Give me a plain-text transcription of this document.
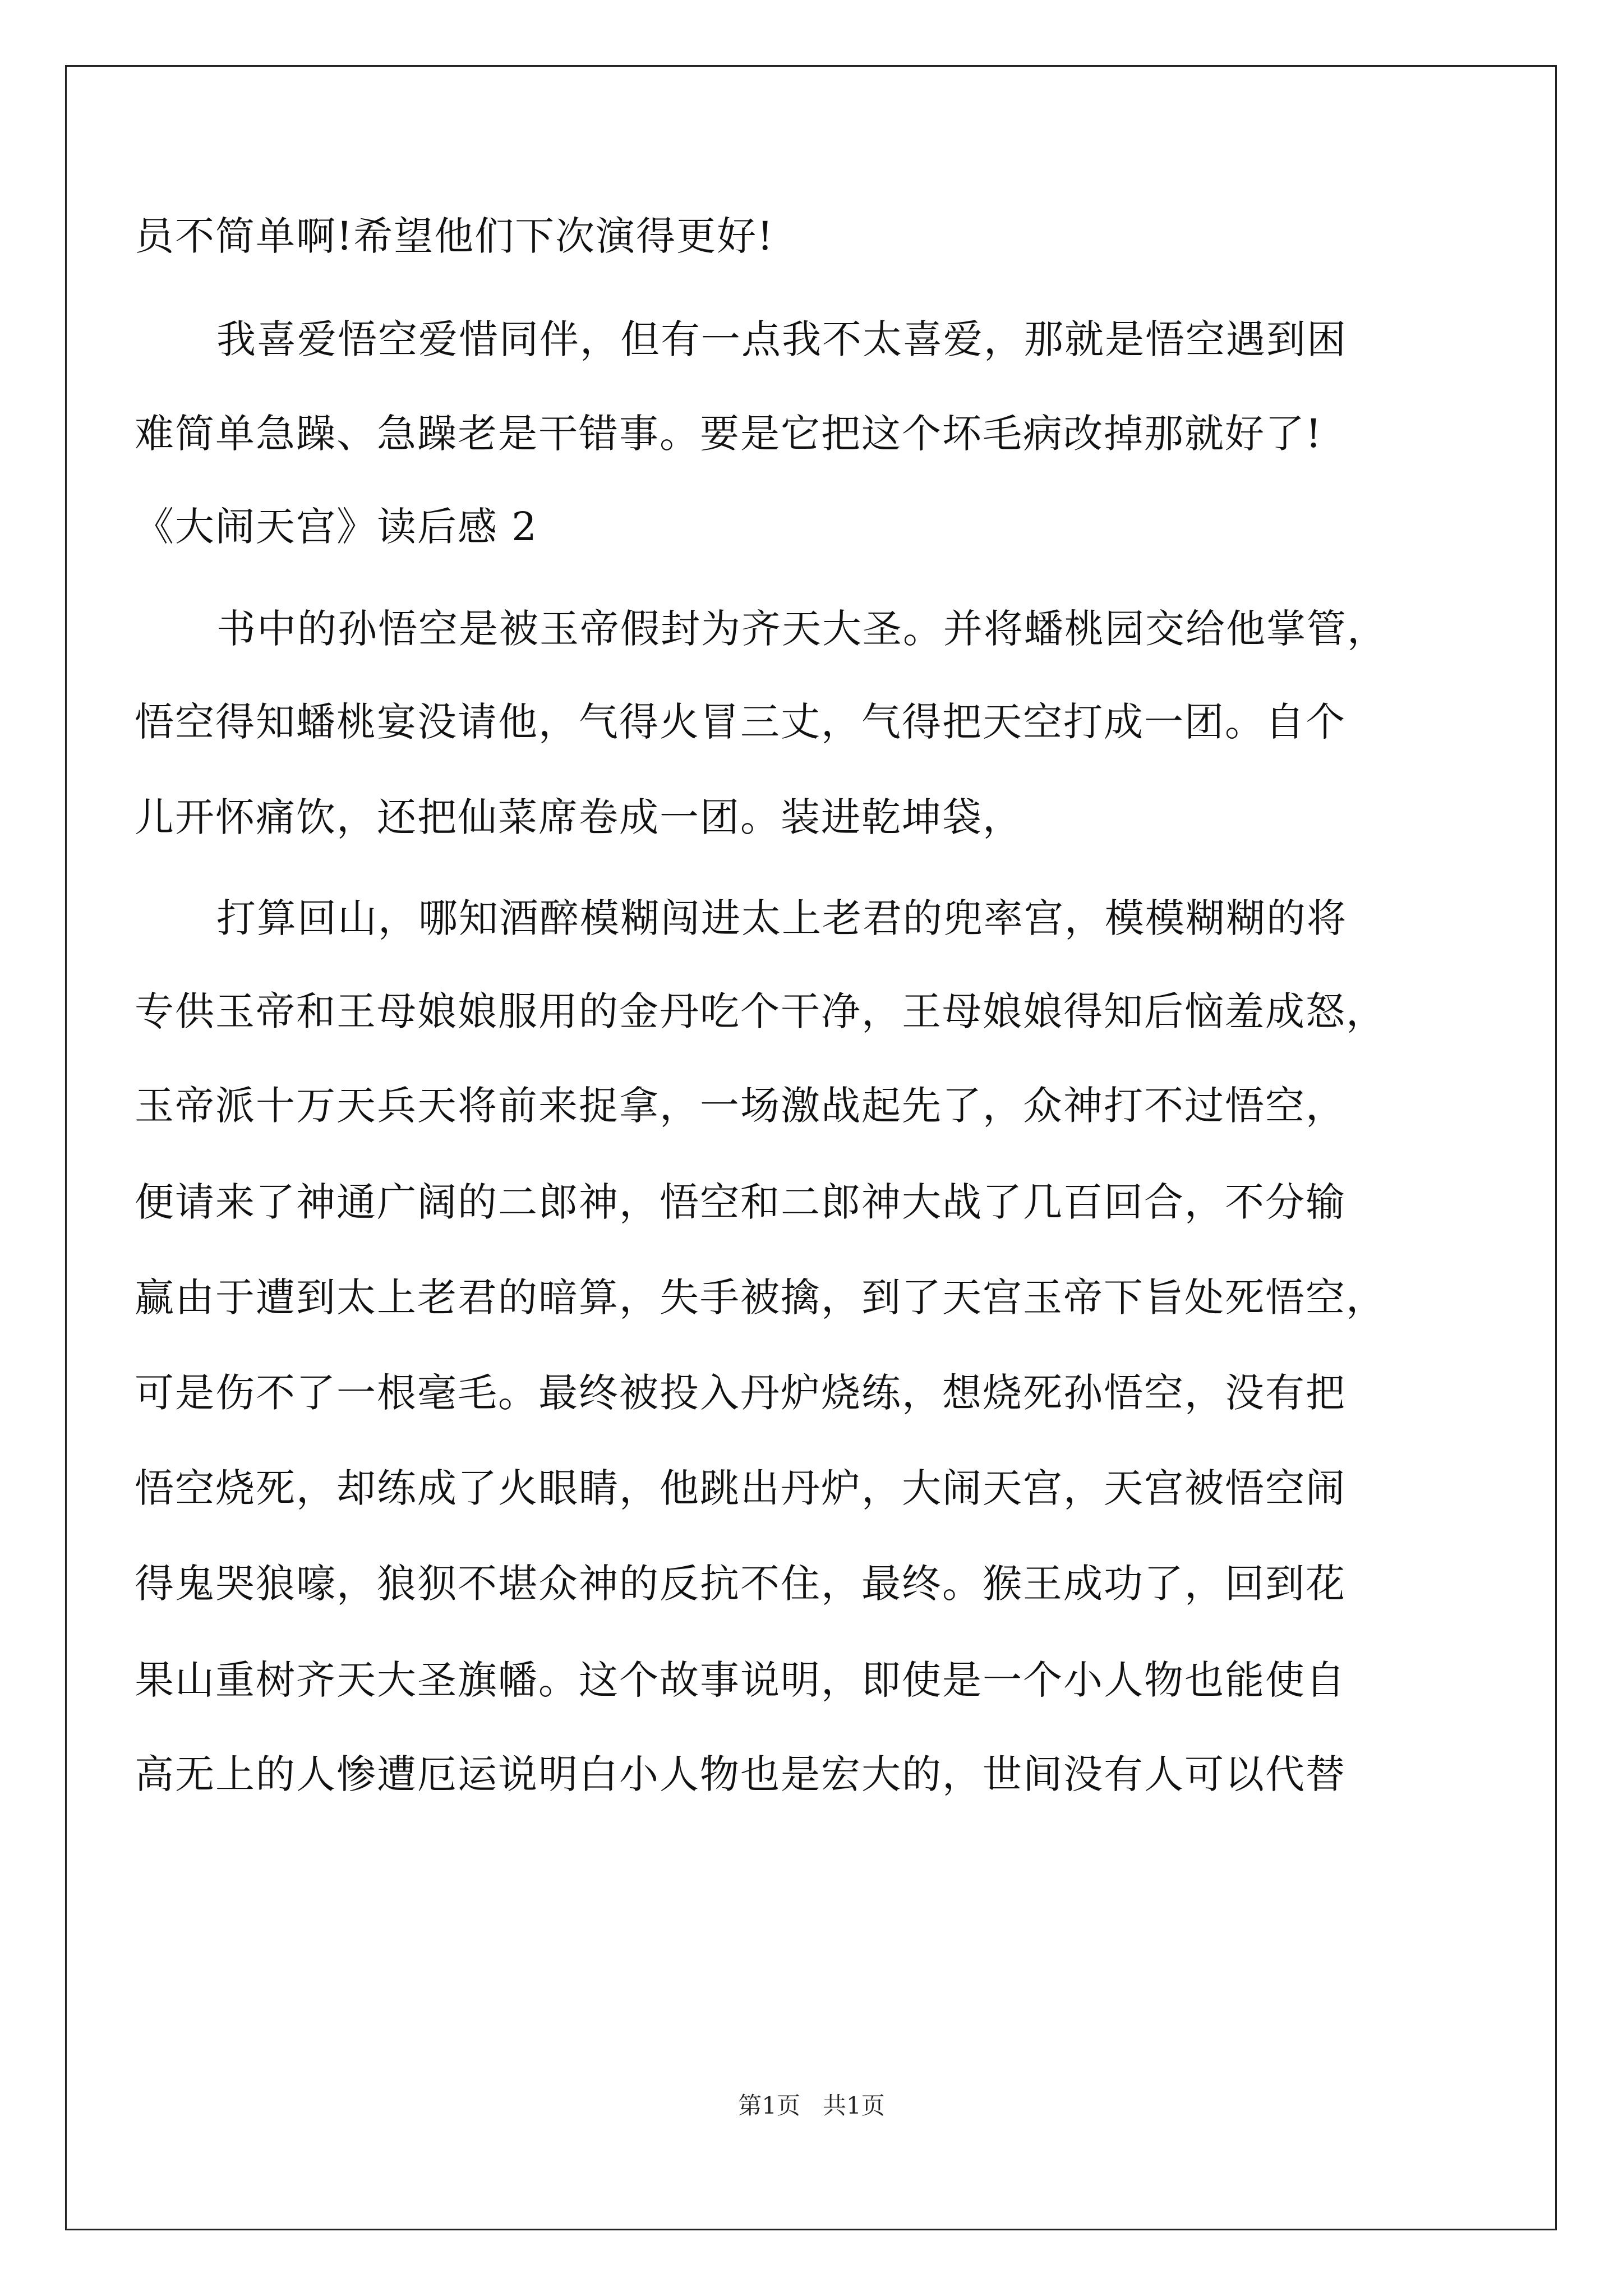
员不简单啊!希望他们下次演得更好!
我喜爱悟空爱惜同伴，但有一点我不太喜爱，那就是悟空遇到困
难简单急躁、急躁老是干错事。要是它把这个坏毛病改掉那就好了!
《大闹天宫》读后感 2
书中的孙悟空是被玉帝假封为齐天大圣。并将蟠桃园交给他掌管，
悟空得知蟠桃宴没请他，气得火冒三丈，气得把天空打成一团。自个
儿开怀痛饮，还把仙菜席卷成一团。装进乾坤袋，
打算回山，哪知酒醉模糊闯进太上老君的兜率宫，模模糊糊的将
专供玉帝和王母娘娘服用的金丹吃个干净，王母娘娘得知后恼羞成怒，
玉帝派十万天兵天将前来捉拿，一场激战起先了，众神打不过悟空，
便请来了神通广阔的二郎神，悟空和二郎神大战了几百回合，不分输
赢由于遭到太上老君的暗算，失手被擒，到了天宫玉帝下旨处死悟空，
可是伤不了一根毫毛。最终被投入丹炉烧练，想烧死孙悟空，没有把
悟空烧死，却练成了火眼睛，他跳出丹炉，大闹天宫，天宫被悟空闹
得鬼哭狼嚎，狼狈不堪众神的反抗不住，最终。猴王成功了，回到花
果山重树齐天大圣旗幡。这个故事说明，即使是一个小人物也能使自
高无上的人惨遭厄运说明白小人物也是宏大的，世间没有人可以代替
第1页   共1页
